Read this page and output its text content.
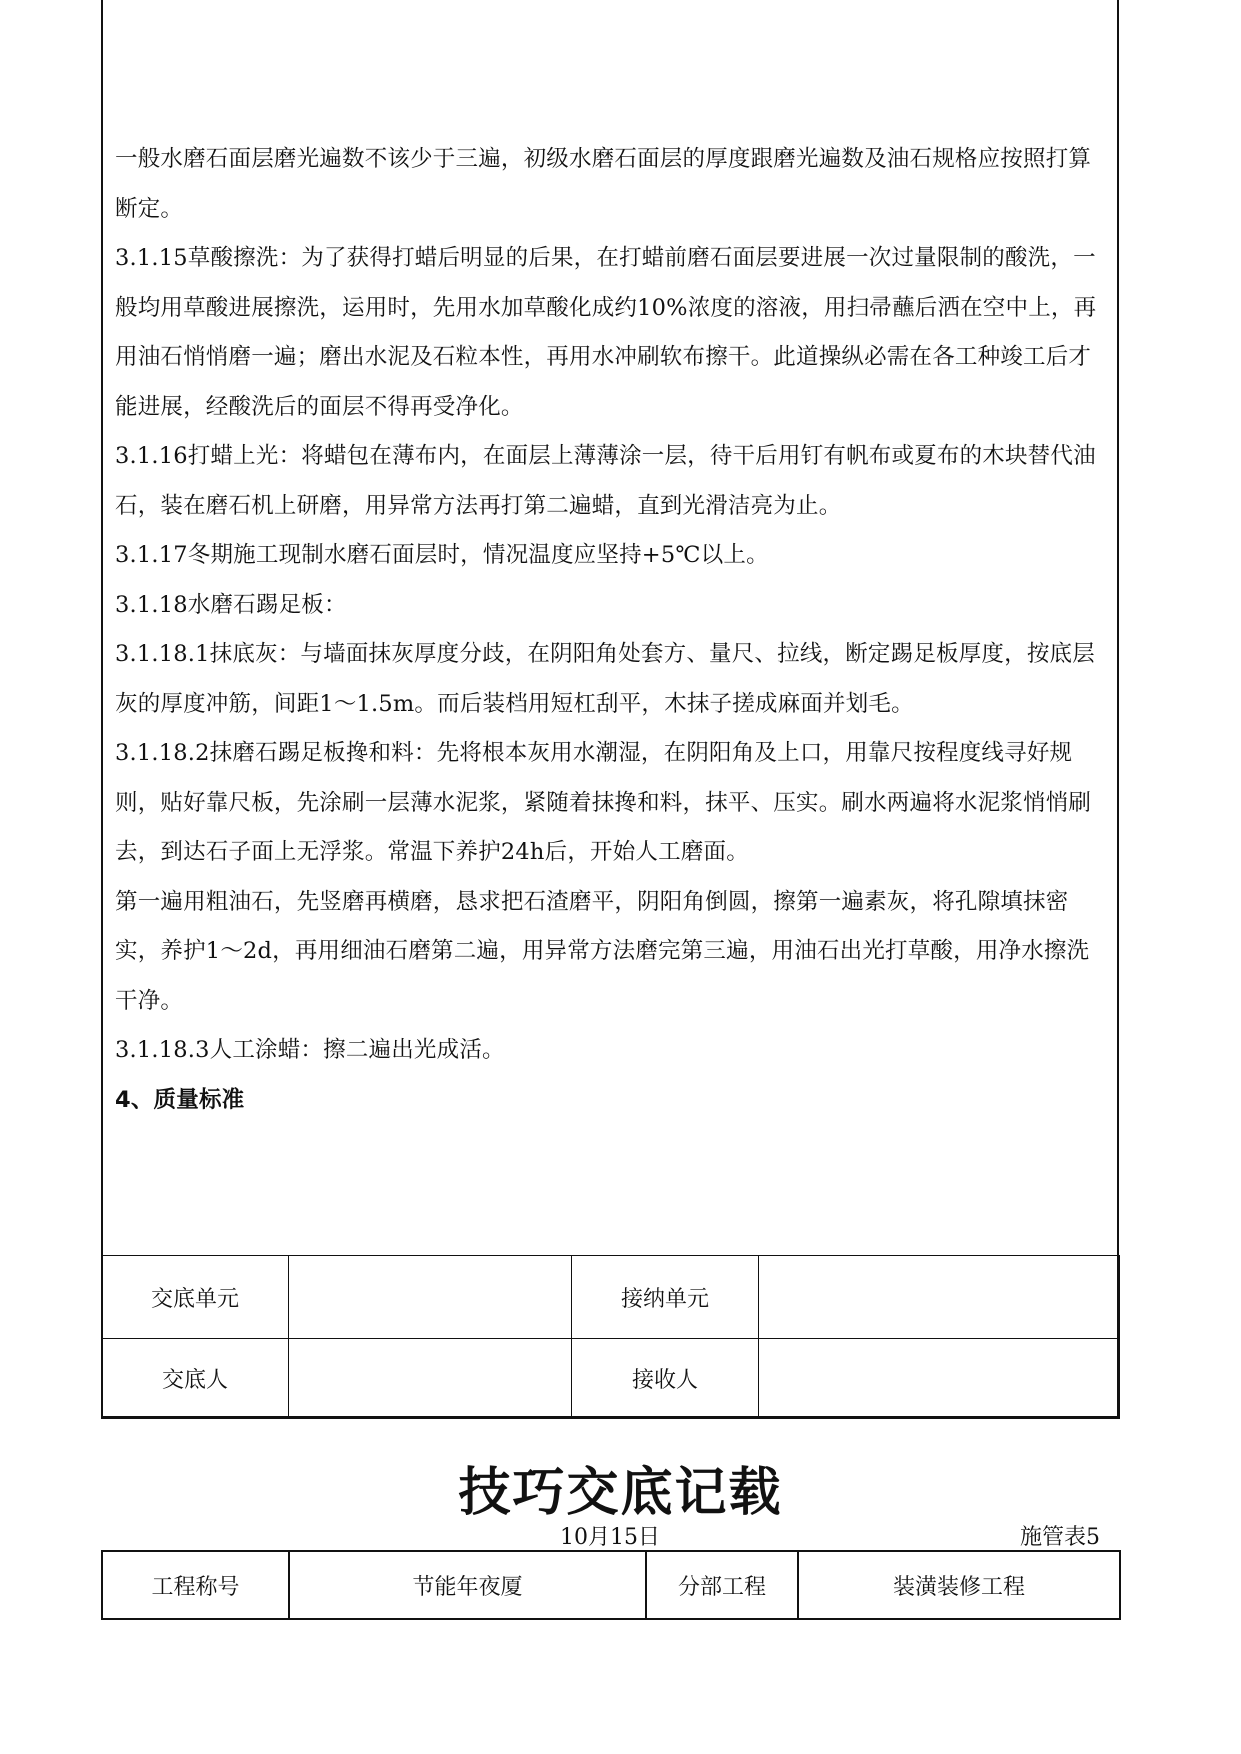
一般水磨石面层磨光遍数不该少于三遍，初级水磨石面层的厚度跟磨光遍数及油石规格应按照打算断定。

3.1.15草酸擦洗：为了获得打蜡后明显的后果，在打蜡前磨石面层要进展一次过量限制的酸洗，一般均用草酸进展擦洗，运用时，先用水加草酸化成约10%浓度的溶液，用扫帚蘸后洒在空中上，再用油石悄悄磨一遍；磨出水泥及石粒本性，再用水冲刷软布擦干。此道操纵必需在各工种竣工后才能进展，经酸洗后的面层不得再受净化。

3.1.16打蜡上光：将蜡包在薄布内，在面层上薄薄涂一层，待干后用钉有帆布或夏布的木块替代油石，装在磨石机上研磨，用异常方法再打第二遍蜡，直到光滑洁亮为止。

3.1.17冬期施工现制水磨石面层时，情况温度应坚持+5℃以上。

3.1.18水磨石踢足板：

3.1.18.1抹底灰：与墙面抹灰厚度分歧，在阴阳角处套方、量尺、拉线，断定踢足板厚度，按底层灰的厚度冲筋，间距1～1.5m。而后装档用短杠刮平，木抹子搓成麻面并划毛。

3.1.18.2抹磨石踢足板搀和料：先将根本灰用水潮湿，在阴阳角及上口，用靠尺按程度线寻好规则，贴好靠尺板，先涂刷一层薄水泥浆，紧随着抹搀和料，抹平、压实。刷水两遍将水泥浆悄悄刷去，到达石子面上无浮浆。常温下养护24h后，开始人工磨面。

第一遍用粗油石，先竖磨再横磨，恳求把石渣磨平，阴阳角倒圆，擦第一遍素灰，将孔隙填抹密实，养护1～2d，再用细油石磨第二遍，用异常方法磨完第三遍，用油石出光打草酸，用净水擦洗干净。

3.1.18.3人工涂蜡：擦二遍出光成活。

4、质量标准

交底单元		接纳单元	
交底人		接收人	
技巧交底记载
10月15日	施管表5
工程称号	节能年夜厦	分部工程	装潢装修工程
